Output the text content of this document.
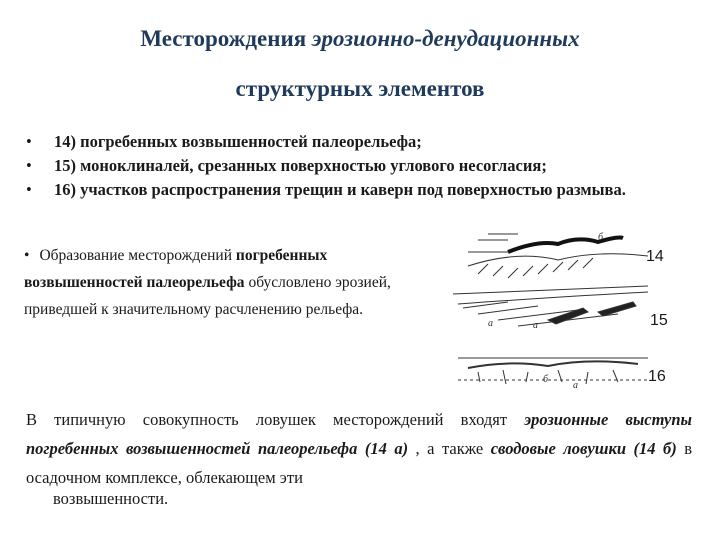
Месторождения эрозионно-денудационных
структурных элементов
• 14) погребенных возвышенностей палеорельефа;
• 15) моноклиналей, срезанных поверхностью углового несогласия;
• 16) участков распространения трещин и каверн под поверхностью размыва.
• Образование месторождений погребенных возвышенностей палеорельефа обусловлено эрозией, приведшей к значительному расчленению рельефа.
б
а	а
б
а
14
15
16
В типичную совокупность ловушек месторождений входят эрозионные выступы погребенных возвышенностей палеорельефа (14 а) , а также сводовые ловушки (14 б) в осадочном комплексе, облекающем эти
возвышенности.
